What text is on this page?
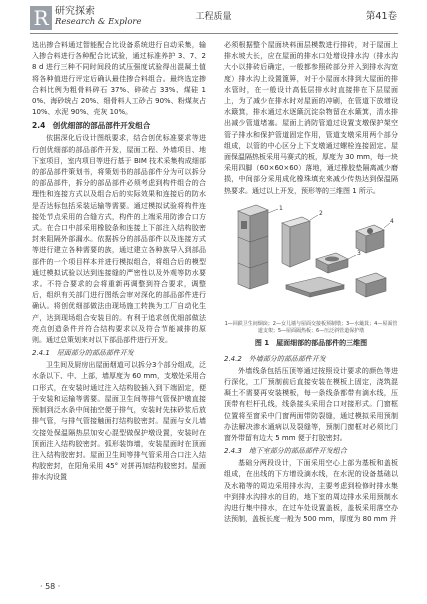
R 研究探索
Research & Explore	工程质量	第41卷

选出掺合料通过智能配合比设备系统进行自动采集，输入掺合料进行各种配合比试验，通过标准养护 3、7、28 d 进行三种不同时间段的试压强度试验得出混凝土值将各种值进行评定后确认最佳掺合料组合。最终选定掺合料比例为粗骨料碎石 37%、碎砖占 33%、煤硅 10%、海砂统占 20%、细骨料人工砂占 90%、粉煤灰占 10%、水泥 90%、壳灰 10%。

2.4　创优细部的部品部件开发组合

依据深化后设计图纸要求，结合创优标准要求等进行创优细部的部品部件开发，屋面工程、外墙项目、地下室项目，室内项目等进行基于 BIM 技术采集构成细部的部品部件策划书，将策划书的部品部件分为可以拆分的部品部件，拆分的部品部件必须考虑到构件组合的合理性和连接方式以及组合后的实际效果和连接后的防水是否达标包括采装运输等需要。通过模拟试验将构件连接处节点采用的合缝方式，构件的上端采用防渗合口方式。在合口中部采用橡胶条和连接上下部注入结构胶密封来阻隔外部漏水。依据拆分的部品部件以及连接方式等进行建立各种需要的族，通过建立各种族导入到部品部件的一个项目样本并进行模拟组合，将组合后的模型通过模拟试验以达到连接缝的严密性以及外观等防水要求。不符合要求的会将重新再调整到符合要求，调整后，组织有关部门进行图纸会审对深化的部品部件进行确认。将创优细部做法由现场施工转换为工厂自动化生产，达到现场组合安装目的。有利于追求创优细部做法亮点创造条件并符合结构要求以及符合节能减排的原则。通过总策划来对以下部品部件进行开发。

2.4.1　屋面部分的部品部件开发

卫生间及厨房出屋面烟道可以拆分3个部分组成，泛水条以下、中、上部，墙厚度为 60 mm，支墩处采用合口形式，在安装时通过注入结构胶插入到下端固定，便于安装和运输等需要。屋面卫生间等排气管保护墩直接预制到泛水条中间抽空便于排气，安装时先抹砂浆后放排气管，与排气管接触面打结构胶密封。屋面与女儿墙交接处保温隔热层加安心混型做保护墩设置，安装时在顶面注入结构胶密封。弧形装饰墙，安装屋面时在顶面注入结构胶密封。屋面卫生间等排气管采用合口注入结构胶密封，在阳角采用 45° 对拼再加结构胶密封。屋面排水沟设置

必须根据整个屋面块料面层模数进行排砖，对于屋面上排水坡大长，应在屋面的排水口处增设排水沟（排水沟大小以排砖后确定，一般都参照砖部分并入到排水沟宽度）排水沟上设置篦箅，对于小屋面水排到大屋面的排水管时，在一般设计高低层排水时直接排在下层屋面上，为了减少在排水时对屋面的冲刷，在管道下放增设水簸箕，排水通过水逐簸沉淀杂物留在水簸箕，清水排出减少管道堵塞。屋面上消防管道过设置支墩保护架空管子排水和保护管道固定作用，管道支墩采用两个部分组成，以管的中心区分上下支墩通过螺栓连接固定。屋面保温隔热板采用马赛式的板，厚度为 30 mm，每一块采用四脚（60×60×60）落地，通过橡胶垫隔离减少磨损，中间部分采用成化橡珠填充来减少传热达到保温隔热要求。通过以上开发，预形等的三维图 1 所示。

1
2
3
4
1—回跌卫生间烟囱；2—女儿墙与屋面交接板预制墩；3—水簸箕；4—屋面管道支架；5—屋面隔热板；6—压泛斜管道保护墩
图 1　屋面细部的部品部件的三维图
2.4.2　外墙部分的部品部件开发

外墙线条包括压顶等通过按照设计要求的颜色等进行深化，工厂预制前后直接安装在模板上固定，浇筑混凝土不需要再安装模板，每一条线条都带有滴水线，压顶带有栏杆孔线，线条接头采用合口对接形式。门窗框位置将至窗采中门窗两面带防裂缝，通过模拟采用预制办法解决渗水通病以及裂缝等，预制门窗框对必须比门窗外带留有边大 5 mm 便于打胶密封。

2.4.3　地下室部分的部品部件开发组合

基础分两段设计，下面采用空心上部为基板和盖板组成，在出线的下方增设滴水线，在水泥的设备基础以及水箱等的周边采用排水沟，主要考虑到检修时排水集中到排水沟排水的目的，地下室的周边排水采用预制水沟进行集中排水，在过车处设置盖板，盖板采用落空办法预制，盖板长度一般为 500 mm，厚度为 80 mm 并

· 58 ·
